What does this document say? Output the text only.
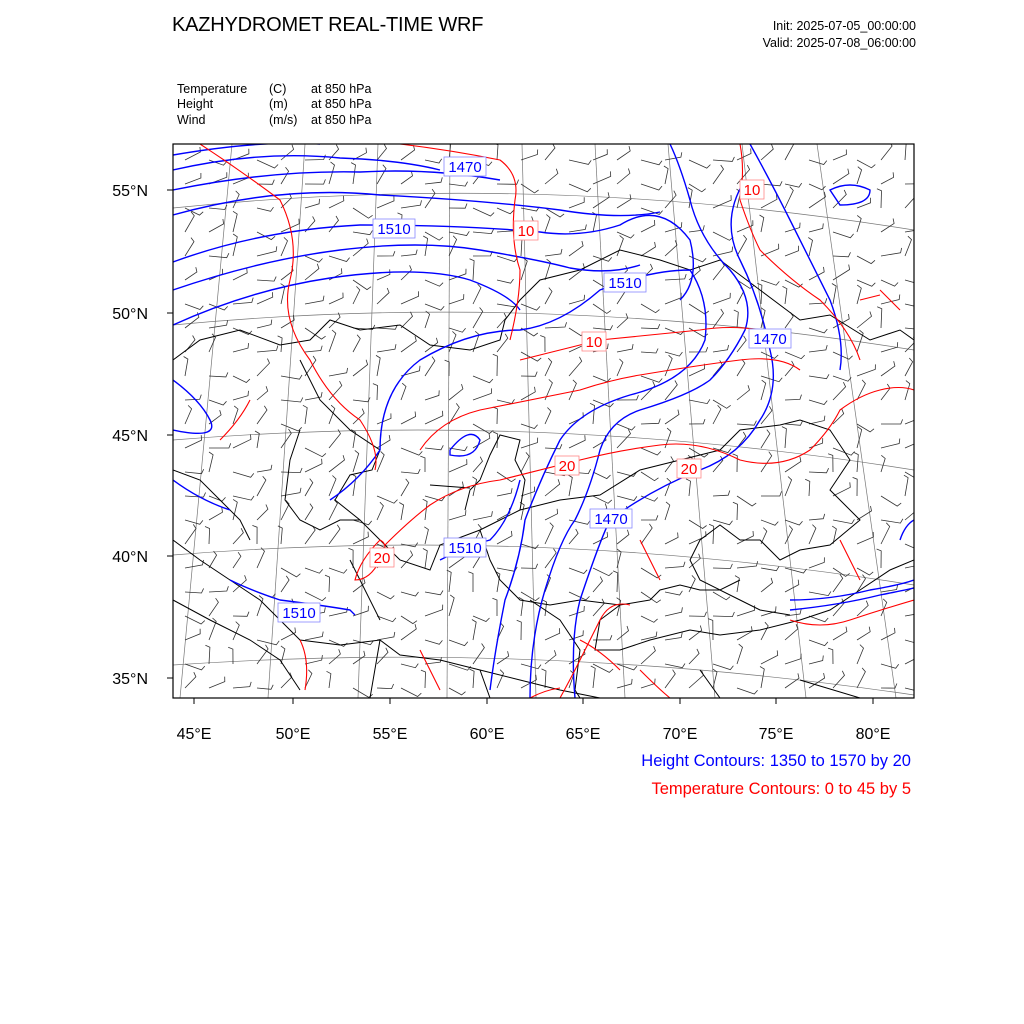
KAZHYDROMET REAL-TIME WRF	Init: 2025-07-05_00:00:00
Valid: 2025-07-08_06:00:00
Temperature (C) at 850 hPa
Height	(m) at 850 hPa
Wind	(m/s) at 850 hPa
55°N
50°N
45°N
40°N
35°N
45°E	50°E	55°E	60°E	65°E	70°E	75°E	80°E
1470
1510
1510
1470
1510
1470
1510
10
10
10
20	20
20
Height Contours: 1350 to 1570 by 20
Temperature Contours: 0 to 45 by 5
